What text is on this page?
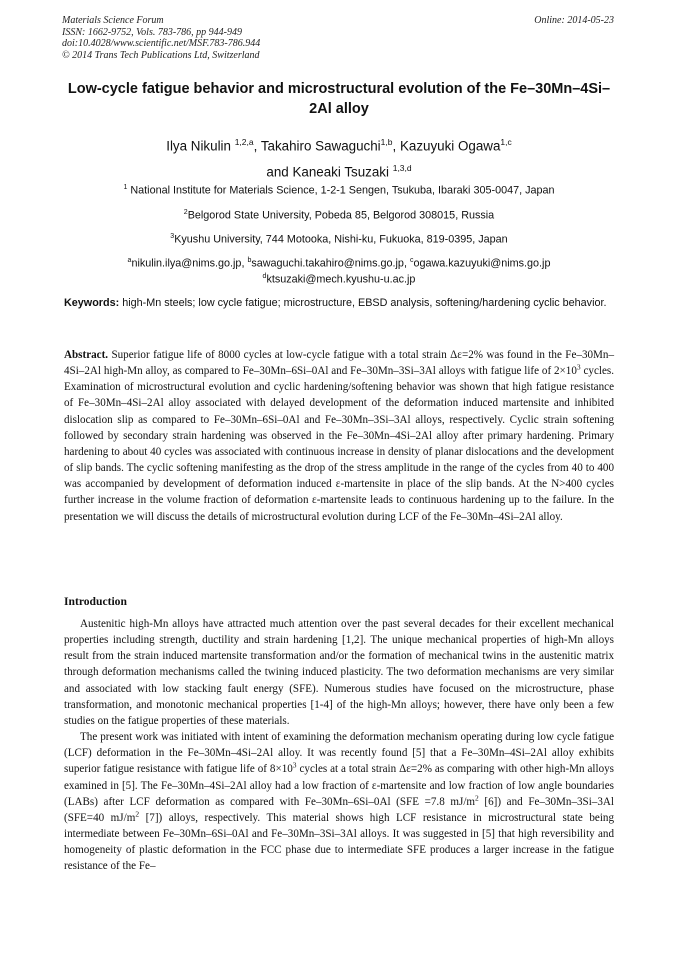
Materials Science Forum
ISSN: 1662-9752, Vols. 783-786, pp 944-949
doi:10.4028/www.scientific.net/MSF.783-786.944
© 2014 Trans Tech Publications Ltd, Switzerland
Online: 2014-05-23
Low-cycle fatigue behavior and microstructural evolution of the Fe–30Mn–4Si–2Al alloy
Ilya Nikulin $^{1,2,a}$, Takahiro Sawaguchi$^{1,b}$, Kazuyuki Ogawa$^{1,c}$
and Kaneaki Tsuzaki $^{1,3,d}$

$^1$ National Institute for Materials Science, 1-2-1 Sengen, Tsukuba, Ibaraki 305-0047, Japan

$^2$Belgorod State University, Pobeda 85, Belgorod 308015, Russia

$^3$Kyushu University, 744 Motooka, Nishi-ku, Fukuoka, 819-0395, Japan

$^a$nikulin.ilya@nims.go.jp, $^b$sawaguchi.takahiro@nims.go.jp, $^c$ogawa.kazuyuki@nims.go.jp

$^d$ktsuzaki@mech.kyushu-u.ac.jp

Keywords: high-Mn steels; low cycle fatigue; microstructure, EBSD analysis, softening/hardening cyclic behavior.

Abstract. Superior fatigue life of 8000 cycles at low-cycle fatigue with a total strain Δε=2% was found in the Fe–30Mn–4Si–2Al high-Mn alloy, as compared to Fe–30Mn–6Si–0Al and Fe–30Mn–3Si–3Al alloys with fatigue life of $2\times 10^3$ cycles. Examination of microstructural evolution and cyclic hardening/softening behavior was shown that high fatigue resistance of Fe–30Mn–4Si–2Al alloy associated with delayed development of the deformation induced martensite and inhibited dislocation slip as compared to Fe–30Mn–6Si–0Al and Fe–30Mn–3Si–3Al alloys, respectively. Cyclic strain softening followed by secondary strain hardening was observed in the Fe–30Mn–4Si–2Al alloy after primary hardening. Primary hardening to about 40 cycles was associated with continuous increase in density of planar dislocations and the development of slip bands. The cyclic softening manifesting as the drop of the stress amplitude in the range of the cycles from 40 to 400 was accompanied by development of deformation induced ε-martensite in place of the slip bands. At the N>400 cycles further increase in the volume fraction of deformation ε-martensite leads to continuous hardening up to the failure. In the presentation we will discuss the details of microstructural evolution during LCF of the Fe–30Mn–4Si–2Al alloy.

Introduction

Austenitic high-Mn alloys have attracted much attention over the past several decades for their excellent mechanical properties including strength, ductility and strain hardening [1,2]. The unique mechanical properties of high-Mn alloys result from the strain induced martensite transformation and/or the formation of mechanical twins in the austenitic matrix through deformation mechanisms called the twining induced plasticity. The two deformation mechanisms are very similar and associated with low stacking fault energy (SFE). Numerous studies have focused on the microstructure, phase transformation, and monotonic mechanical properties [1-4] of the high-Mn alloys; however, there have only been a few studies on the fatigue properties of these materials.

The present work was initiated with intent of examining the deformation mechanism operating during low cycle fatigue (LCF) deformation in the Fe–30Mn–4Si–2Al alloy. It was recently found [5] that a Fe–30Mn–4Si–2Al alloy exhibits superior fatigue resistance with fatigue life of $8\times 10^3$ cycles at a total strain Δε=2% as comparing with other high-Mn alloys examined in [5]. The Fe–30Mn–4Si–2Al alloy had a low fraction of ε-martensite and low fraction of low angle boundaries (LABs) after LCF deformation as compared with Fe–30Mn–6Si–0Al (SFE =7.8 $mJ/m^2$ [6]) and Fe–30Mn–3Si–3Al (SFE=40 $mJ/m^2$ [7]) alloys, respectively. This material shows high LCF resistance in microstructural state being intermediate between Fe–30Mn–6Si–0Al and Fe–30Mn–3Si–3Al alloys. It was suggested in [5] that high reversibility and homogeneity of plastic deformation in the FCC phase due to intermediate SFE produces a larger increase in the fatigue resistance of the Fe–
